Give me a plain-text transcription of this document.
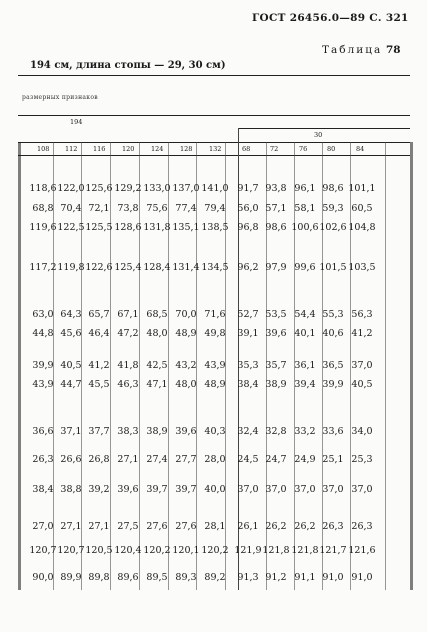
ГОСТ 26456.0—89 С. 321
Таблица 78
194 см, длина стопы — 29, 30 см)
размерных признаков
194
30
108 112 116	120	124	128	132	68	72	76	80	84
118,6 122,0 125,6 129,2 133,0 137,0 141,0 91,7 93,8 96,1 98,6 101,1
68,8 70,4 72,1 73,8 75,6 77,4 79,4	56,0 57,1 58,1 59,3 60,5
119,6 122,5 125,5 128,6 131,8 135,1 138,5 96,8 98,6 100,6 102,6 104,8
117,2 119,8 122,6 125,4 128,4 131,4 134,5 96,2 97,9 99,6 101,5 103,5
63,0 64,3 65,7 67,1 68,5 70,0 71,6	52,7 53,5 54,4 55,3 56,3
44,8 45,6 46,4 47,2 48,0 48,9 49,8	39,1 39,6 40,1 40,6 41,2
39,9 40,5 41,2 41,8 42,5 43,2 43,9	35,3 35,7 36,1 36,5 37,0
43,9 44,7 45,5 46,3 47,1 48,0 48,9	38,4 38,9 39,4 39,9 40,5
36,6 37,1 37,7 38,3 38,9 39,6 40,3	32,4 32,8 33,2 33,6 34,0
26,3 26,6 26,8 27,1 27,4 27,7 28,0	24,5 24,7 24,9 25,1 25,3
38,4 38,8 39,2 39,6 39,7 39,7 40,0	37,0 37,0 37,0 37,0 37,0
27,0 27,1 27,1 27,5 27,6 27,6 28,1	26,1 26,2 26,2 26,3 26,3
120,7 120,7 120,5 120,4 120,2 120,1 120,2 121,9 121,8 121,8 121,7 121,6
90,0 89,9 89,8 89,6 89,5 89,3 89,2	91,3 91,2 91,1 91,0 91,0
